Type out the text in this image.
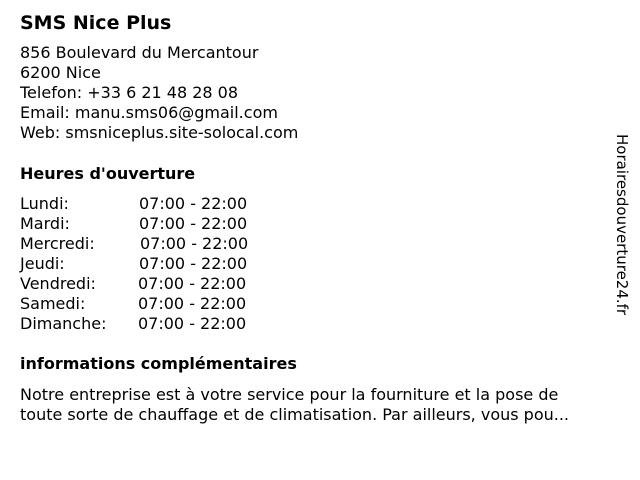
SMS Nice Plus
856 Boulevard du Mercantour
6200 Nice
Telefon: +33 6 21 48 28 08
Email: manu.sms06@gmail.com
Web: smsniceplus.site-solocal.com
Heures d'ouverture
Lundi:	07:00 - 22:00
Mardi:	07:00 - 22:00
Mercredi:	07:00 - 22:00
Jeudi:	07:00 - 22:00
Vendredi:	07:00 - 22:00
Samedi:	07:00 - 22:00
Dimanche: 07:00 - 22:00
informations complémentaires
Notre entreprise est à votre service pour la fourniture et la pose de
toute sorte de chauffage et de climatisation. Par ailleurs, vous pou...
Horairesdouverture24.fr
